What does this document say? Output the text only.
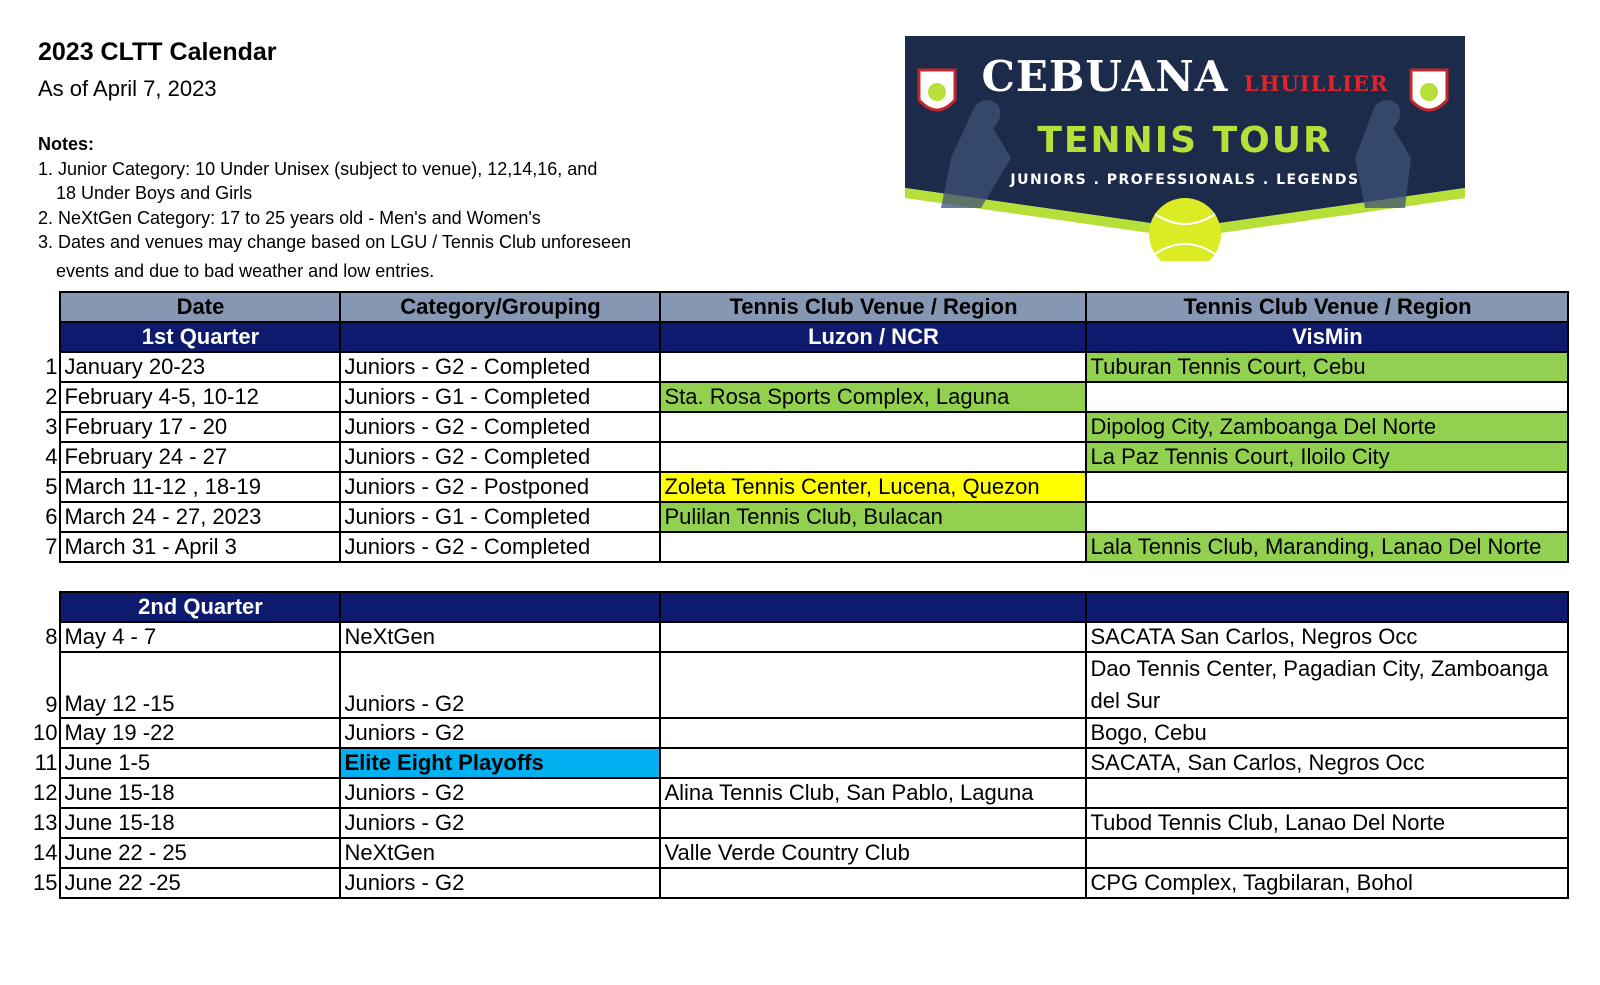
2023 CLTT Calendar
As of April 7, 2023
Notes:
1. Junior Category: 10 Under Unisex (subject to venue), 12,14,16, and
18 Under Boys and Girls
2. NeXtGen Category: 17 to 25 years old - Men's and Women's
3. Dates and venues may change based on LGU / Tennis Club unforeseen
events and due to bad weather and low entries.
CEBUANA LHUILLIER
TENNIS TOUR
JUNIORS . PROFESSIONALS . LEGENDS
	Date	Category/Grouping	Tennis Club Venue / Region	Tennis Club Venue / Region
	1st Quarter		Luzon / NCR	VisMin
1	January 20-23	Juniors - G2 - Completed		Tuburan Tennis Court, Cebu
2	February 4-5, 10-12	Juniors - G1 - Completed	Sta. Rosa Sports Complex, Laguna	
3	February 17 - 20	Juniors - G2 - Completed		Dipolog City, Zamboanga Del Norte
4	February 24 - 27	Juniors - G2 - Completed		La Paz Tennis Court, Iloilo City
5	March 11-12 , 18-19	Juniors - G2 - Postponed	Zoleta Tennis Center, Lucena, Quezon	
6	March 24 - 27, 2023	Juniors - G1 - Completed	Pulilan Tennis Club, Bulacan	
7	March 31 - April 3	Juniors - G2 - Completed		Lala Tennis Club, Maranding, Lanao Del Norte

	2nd Quarter			
8	May 4 - 7	NeXtGen		SACATA San Carlos, Negros Occ
9	May 12 -15	Juniors - G2		Dao Tennis Center, Pagadian City, Zamboanga del Sur
10	May 19 -22	Juniors - G2		Bogo, Cebu
11	June 1-5	Elite Eight Playoffs		SACATA, San Carlos, Negros Occ
12	June 15-18	Juniors - G2	Alina Tennis Club, San Pablo, Laguna	
13	June 15-18	Juniors - G2		Tubod Tennis Club, Lanao Del Norte
14	June 22 - 25	NeXtGen	Valle Verde Country Club	
15	June 22 -25	Juniors - G2		CPG Complex, Tagbilaran, Bohol
